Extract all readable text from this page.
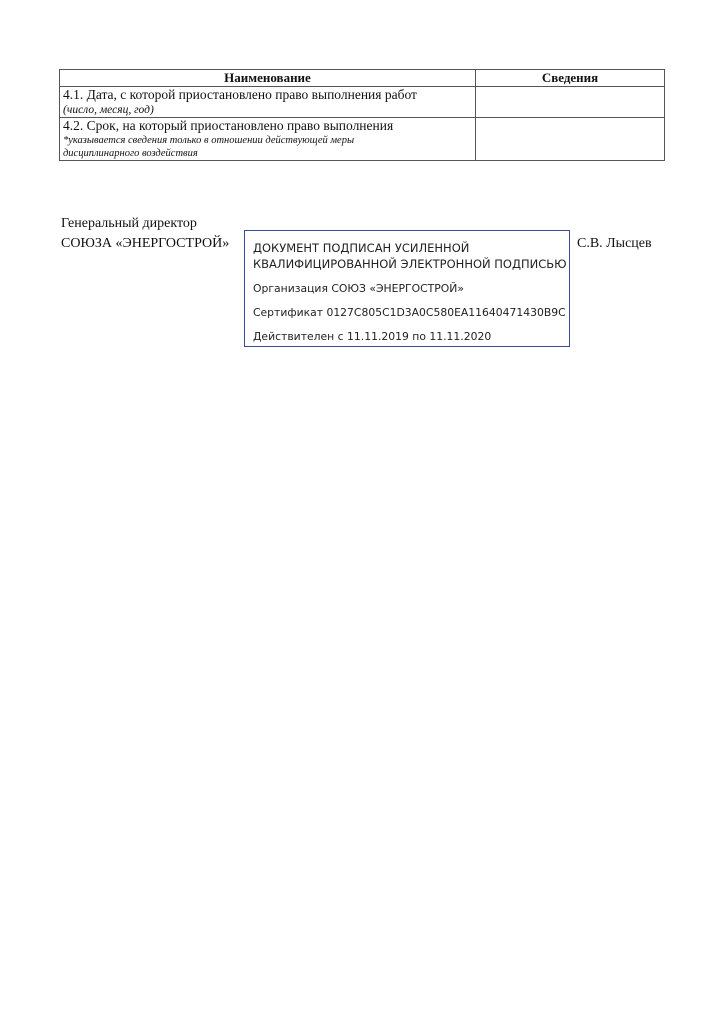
Наименование	Сведения

4.1. Дата, с которой приостановлено право выполнения работ
(число, месяц, год)	

4.2. Срок, на который приостановлено право выполнения
*указывается сведения только в отношении действующей меры
дисциплинарного воздействия	

Генеральный директор
СОЮЗА «ЭНЕРГОСТРОЙ»	С.В. Лысцев
ДОКУМЕНТ ПОДПИСАН УСИЛЕННОЙ
КВАЛИФИЦИРОВАННОЙ ЭЛЕКТРОННОЙ ПОДПИСЬЮ
Организация СОЮЗ «ЭНЕРГОСТРОЙ»
Сертификат 0127C805C1D3A0C580EA11640471430B9C
Действителен с 11.11.2019 по 11.11.2020
